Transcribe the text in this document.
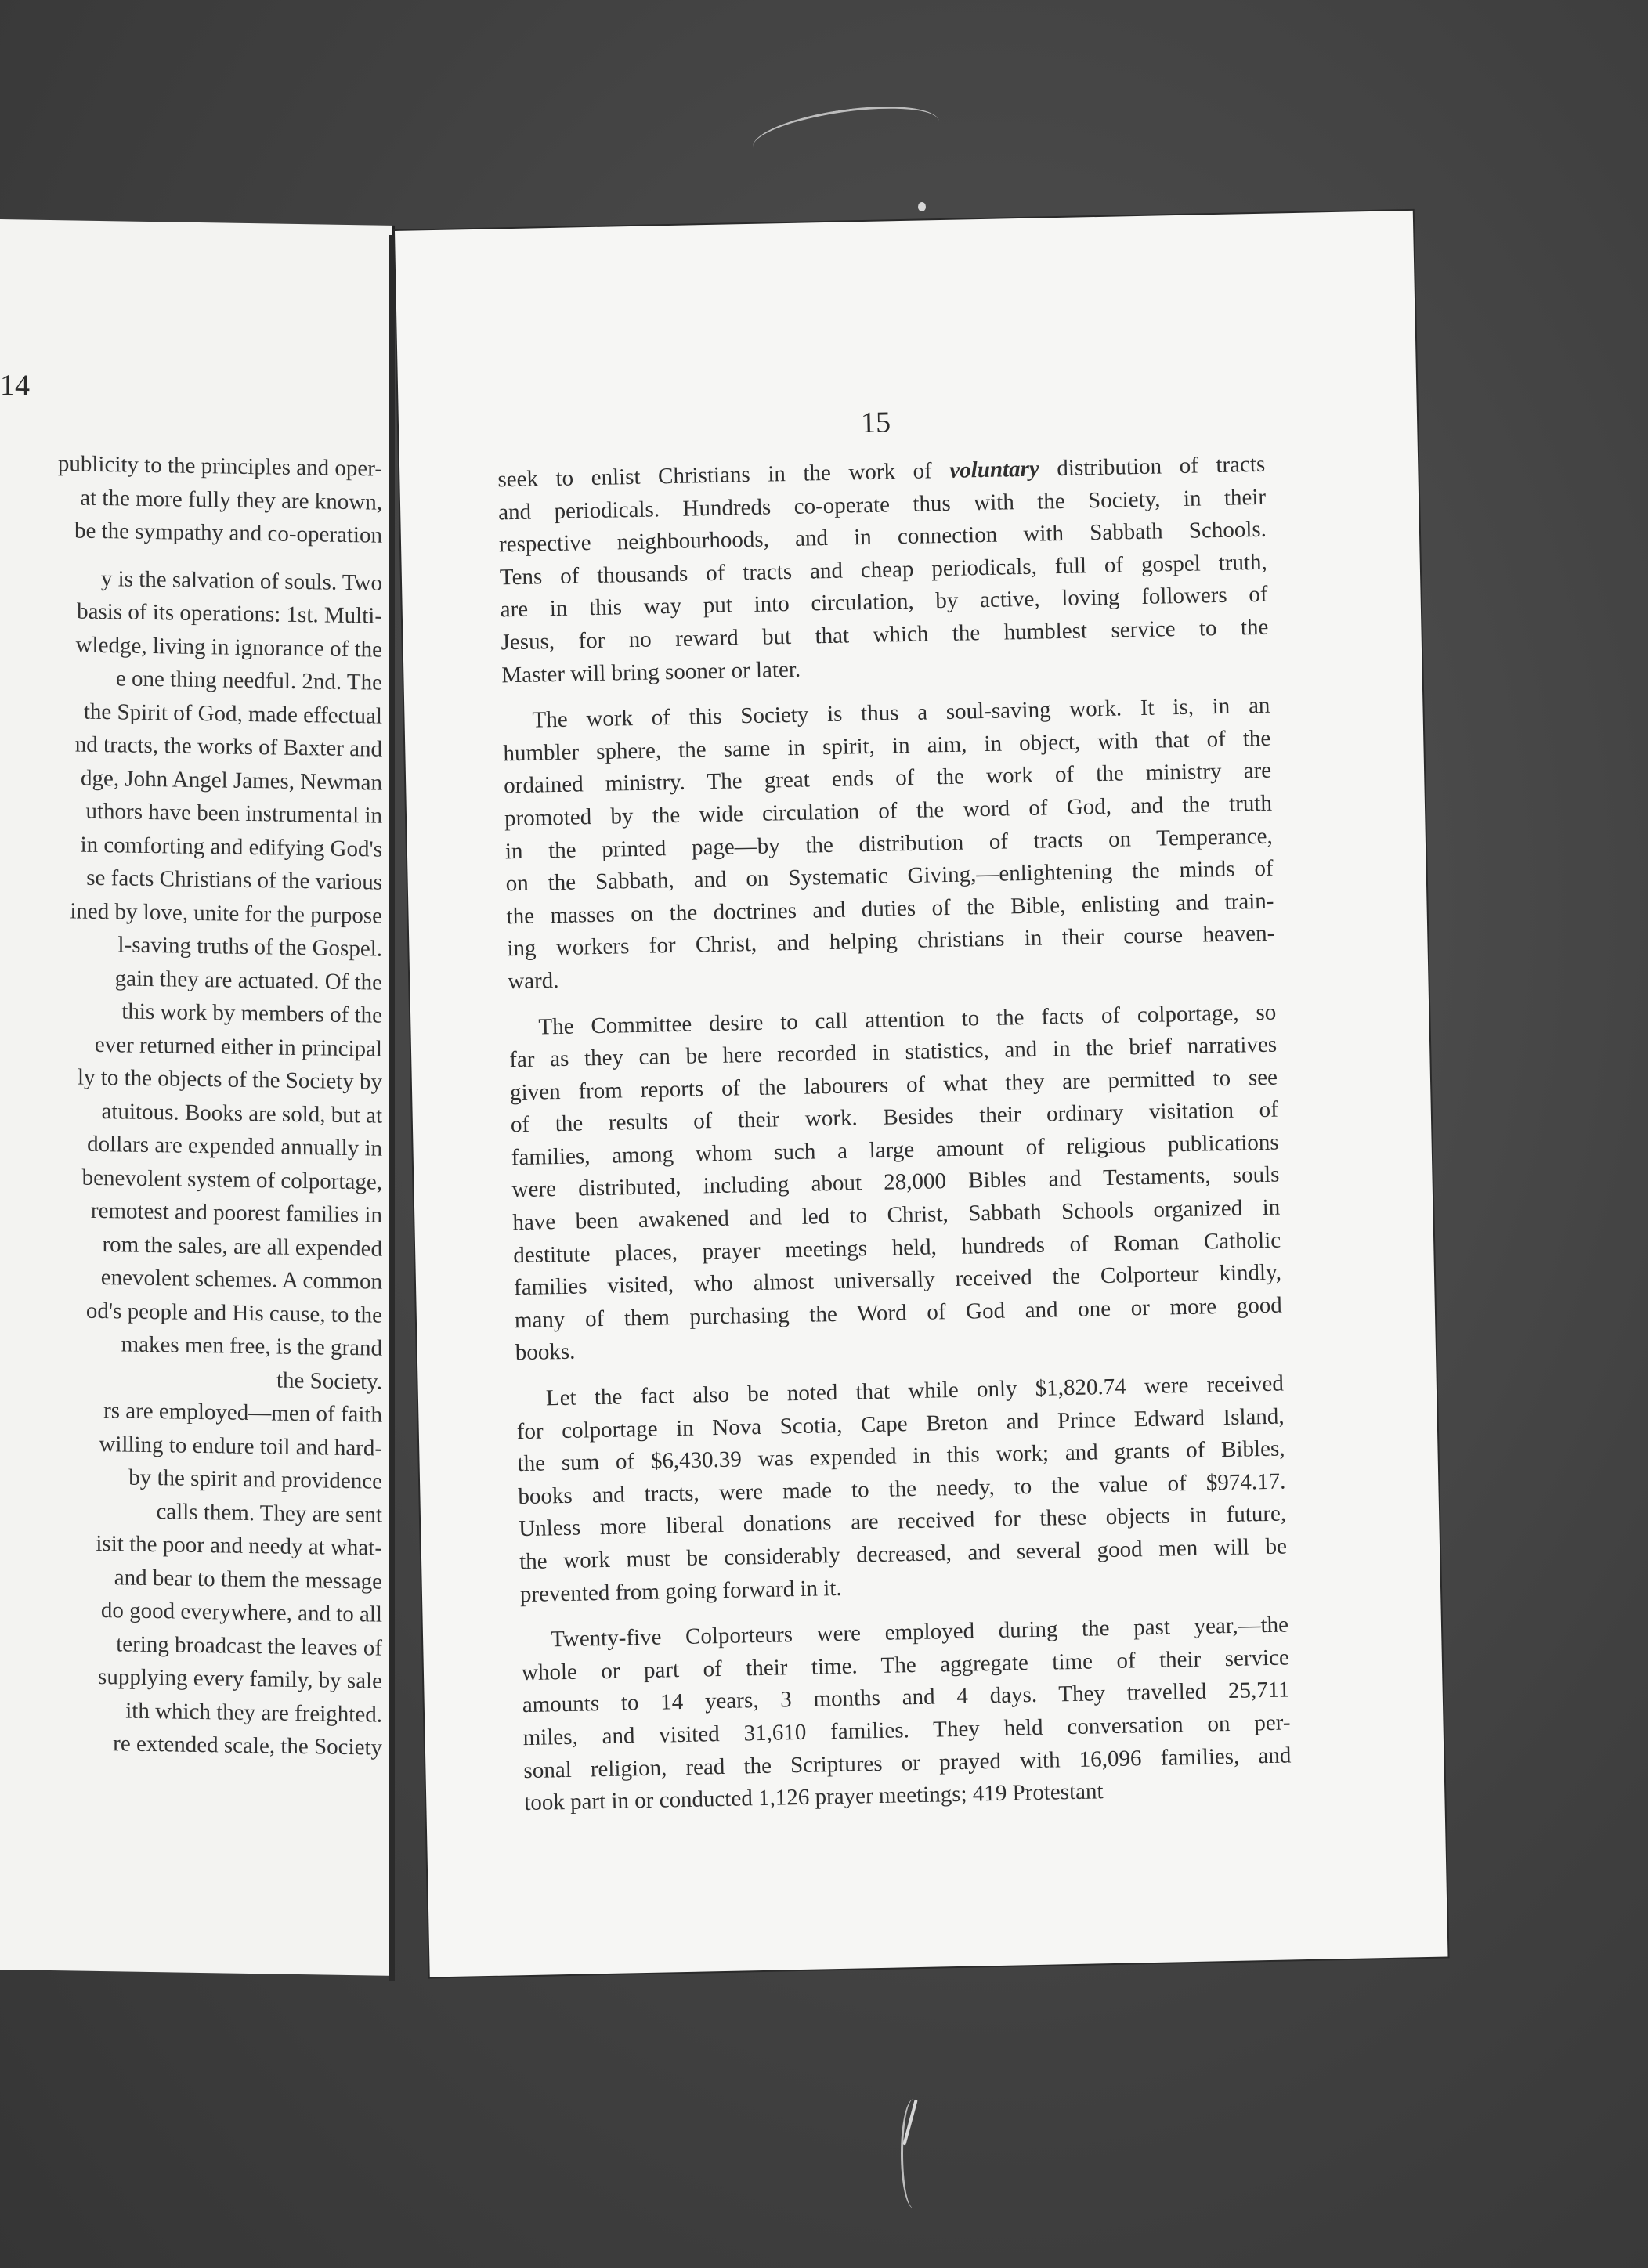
14
publicity to the principles and oper-
at the more fully they are known,
be the sympathy and co-operation
y is the salvation of souls. Two
basis of its operations: 1st. Multi-
wledge, living in ignorance of the
e one thing needful. 2nd. The
the Spirit of God, made effectual
nd tracts, the works of Baxter and
dge, John Angel James, Newman
uthors have been instrumental in
in comforting and edifying God's
se facts Christians of the various
ined by love, unite for the purpose
l-saving truths of the Gospel.
gain they are actuated. Of the
this work by members of the
ever returned either in principal
ly to the objects of the Society by
atuitous. Books are sold, but at
dollars are expended annually in
benevolent system of colportage,
remotest and poorest families in
rom the sales, are all expended
enevolent schemes. A common
od's people and His cause, to the
makes men free, is the grand
the Society.
rs are employed—men of faith
willing to endure toil and hard-
by the spirit and providence
calls them. They are sent
isit the poor and needy at what-
and bear to them the message
do good everywhere, and to all
tering broadcast the leaves of
supplying every family, by sale
ith which they are freighted.
re extended scale, the Society
15
seek to enlist Christians in the work of voluntary distribution of tracts
and periodicals. Hundreds co-operate thus with the Society, in their
respective neighbourhoods, and in connection with Sabbath Schools.
Tens of thousands of tracts and cheap periodicals, full of gospel truth,
are in this way put into circulation, by active, loving followers of
Jesus, for no reward but that which the humblest service to the
Master will bring sooner or later.
The work of this Society is thus a soul-saving work. It is, in an
humbler sphere, the same in spirit, in aim, in object, with that of the
ordained ministry. The great ends of the work of the ministry are
promoted by the wide circulation of the word of God, and the truth
in the printed page—by the distribution of tracts on Temperance,
on the Sabbath, and on Systematic Giving,—enlightening the minds of
the masses on the doctrines and duties of the Bible, enlisting and train-
ing workers for Christ, and helping christians in their course heaven-
ward.
The Committee desire to call attention to the facts of colportage, so
far as they can be here recorded in statistics, and in the brief narratives
given from reports of the labourers of what they are permitted to see
of the results of their work. Besides their ordinary visitation of
families, among whom such a large amount of religious publications
were distributed, including about 28,000 Bibles and Testaments, souls
have been awakened and led to Christ, Sabbath Schools organized in
destitute places, prayer meetings held, hundreds of Roman Catholic
families visited, who almost universally received the Colporteur kindly,
many of them purchasing the Word of God and one or more good
books.
Let the fact also be noted that while only $1,820.74 were received
for colportage in Nova Scotia, Cape Breton and Prince Edward Island,
the sum of $6,430.39 was expended in this work; and grants of Bibles,
books and tracts, were made to the needy, to the value of $974.17.
Unless more liberal donations are received for these objects in future,
the work must be considerably decreased, and several good men will be
prevented from going forward in it.
Twenty-five Colporteurs were employed during the past year,—the
whole or part of their time. The aggregate time of their service
amounts to 14 years, 3 months and 4 days. They travelled 25,711
miles, and visited 31,610 families. They held conversation on per-
sonal religion, read the Scriptures or prayed with 16,096 families, and
took part in or conducted 1,126 prayer meetings; 419 Protestant
